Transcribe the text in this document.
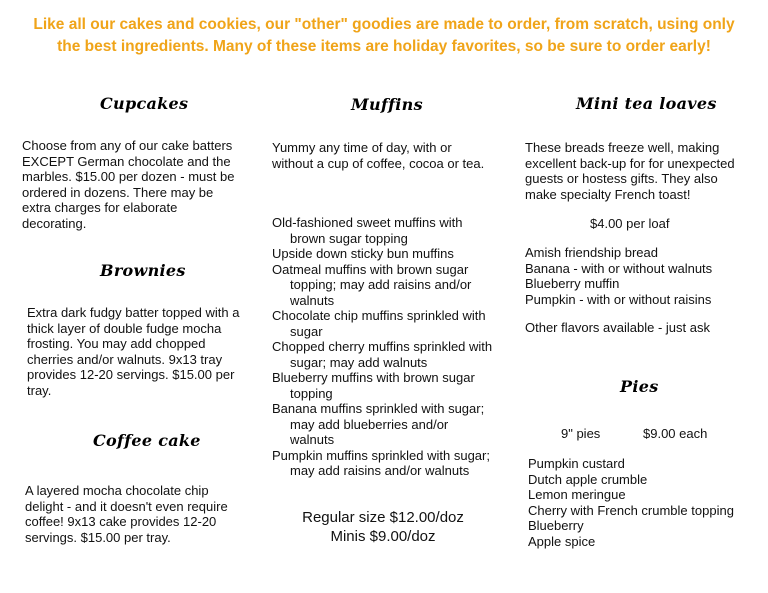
Like all our cakes and cookies, our "other" goodies are made to order, from scratch, using only
the best ingredients. Many of these items are holiday favorites, so be sure to order early!
Cupcakes
Choose from any of our cake batters
EXCEPT German chocolate and the
marbles. $15.00 per dozen - must be
ordered in dozens. There may be
extra charges for elaborate
decorating.
Brownies
Extra dark fudgy batter topped with a
thick layer of double fudge mocha
frosting. You may add chopped
cherries and/or walnuts. 9x13 tray
provides 12-20 servings. $15.00 per
tray.
Coffee cake
A layered mocha chocolate chip
delight - and it doesn't even require
coffee! 9x13 cake provides 12-20
servings. $15.00 per tray.
Muffins
Yummy any time of day, with or
without a cup of coffee, cocoa or tea.
Old-fashioned sweet muffins with
brown sugar topping
Upside down sticky bun muffins
Oatmeal muffins with brown sugar
topping; may add raisins and/or
walnuts
Chocolate chip muffins sprinkled with
sugar
Chopped cherry muffins sprinkled with
sugar; may add walnuts
Blueberry muffins with brown sugar
topping
Banana muffins sprinkled with sugar;
may add blueberries and/or
walnuts
Pumpkin muffins sprinkled with sugar;
may add raisins and/or walnuts
Regular size $12.00/doz
Minis $9.00/doz
Mini tea loaves
These breads freeze well, making
excellent back-up for for unexpected
guests or hostess gifts. They also
make specialty French toast!
$4.00 per loaf
Amish friendship bread
Banana - with or without walnuts
Blueberry muffin
Pumpkin - with or without raisins
Other flavors available - just ask
Pies
9" pies	$9.00 each
Pumpkin custard
Dutch apple crumble
Lemon meringue
Cherry with French crumble topping
Blueberry
Apple spice
